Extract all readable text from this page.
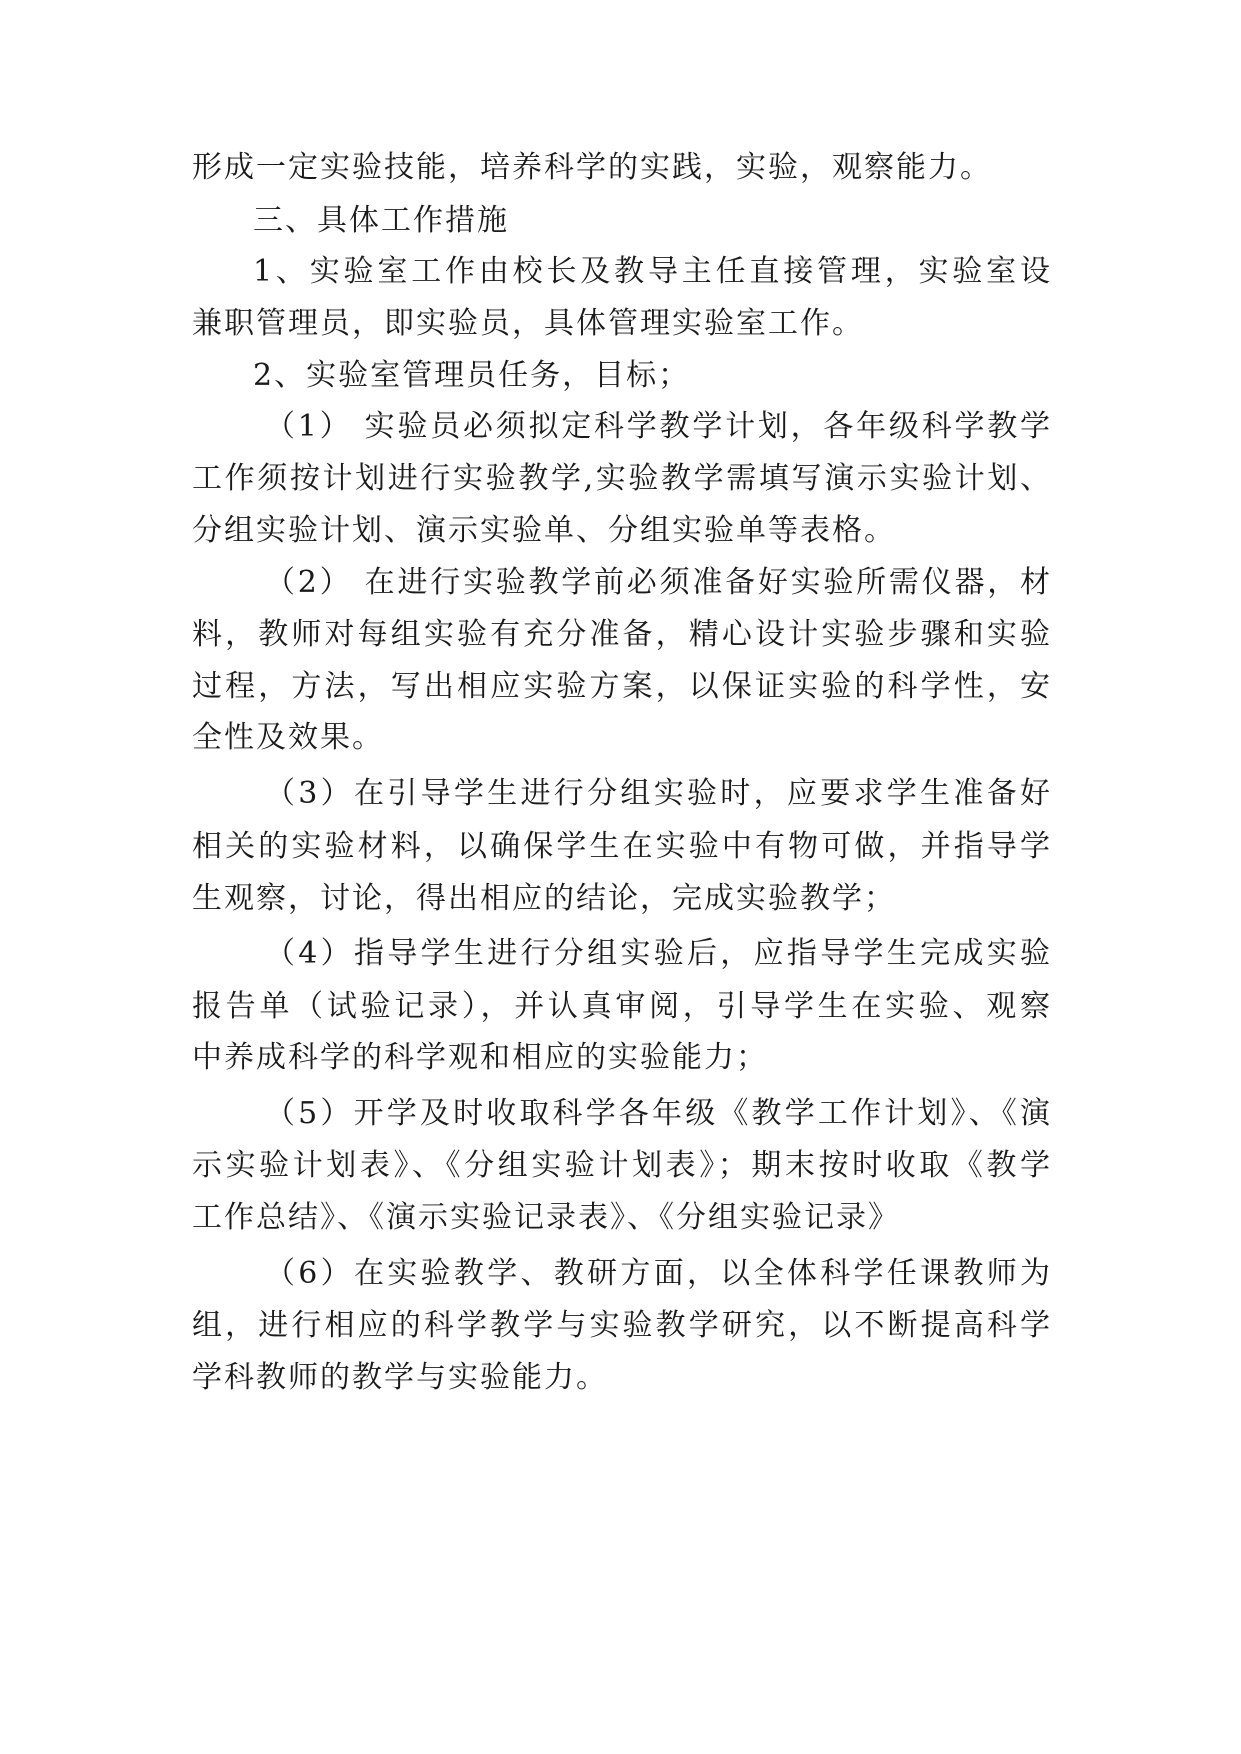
形成一定实验技能，培养科学的实践，实验，观察能力。
三、具体工作措施
1、实验室工作由校长及教导主任直接管理，实验室设
兼职管理员，即实验员，具体管理实验室工作。
2、实验室管理员任务，目标；
（1） 实验员必须拟定科学教学计划，各年级科学教学
工作须按计划进行实验教学,实验教学需填写演示实验计划、
分组实验计划、演示实验单、分组实验单等表格。
（2） 在进行实验教学前必须准备好实验所需仪器，材
料，教师对每组实验有充分准备，精心设计实验步骤和实验
过程，方法，写出相应实验方案，以保证实验的科学性，安
全性及效果。
（3）在引导学生进行分组实验时，应要求学生准备好
相关的实验材料，以确保学生在实验中有物可做，并指导学
生观察，讨论，得出相应的结论，完成实验教学；
（4）指导学生进行分组实验后，应指导学生完成实验
报告单（试验记录），并认真审阅，引导学生在实验、观察
中养成科学的科学观和相应的实验能力；
（5）开学及时收取科学各年级《教学工作计划》、《演
示实验计划表》、《分组实验计划表》；期末按时收取《教学
工作总结》、《演示实验记录表》、《分组实验记录》
（6）在实验教学、教研方面，以全体科学任课教师为
组，进行相应的科学教学与实验教学研究，以不断提高科学
学科教师的教学与实验能力。
